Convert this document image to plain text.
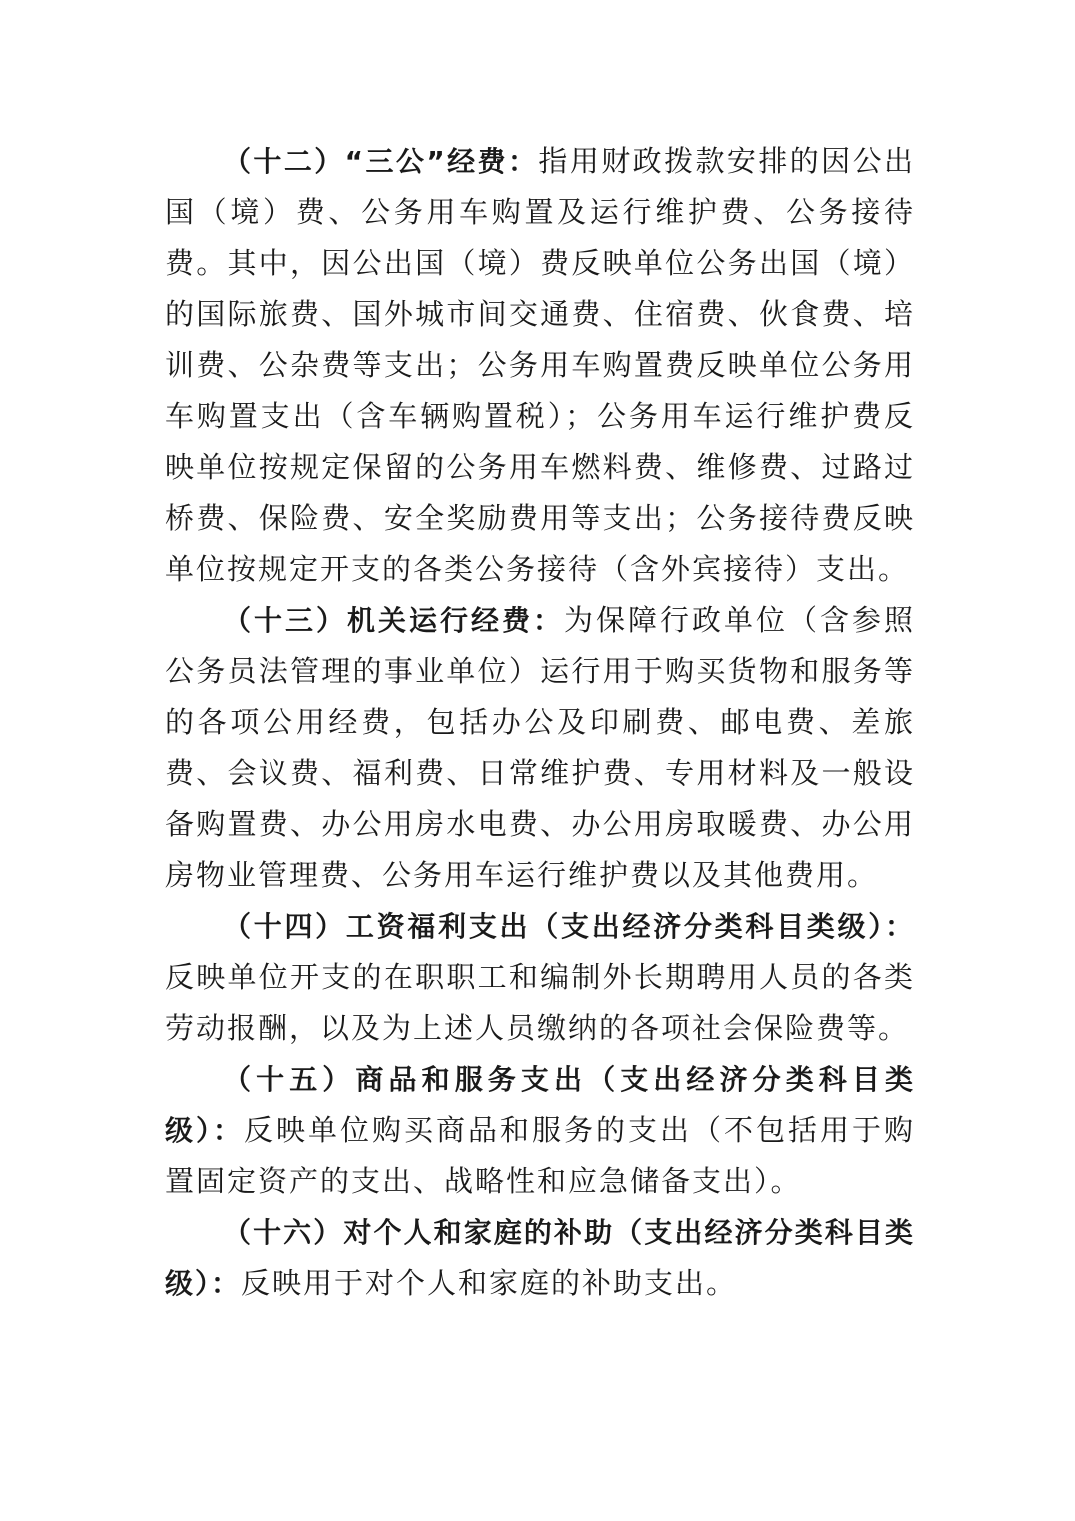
（十二）“三公”经费：指用财政拨款安排的因公出国（境）费、公务用车购置及运行维护费、公务接待费。其中，因公出国（境）费反映单位公务出国（境）的国际旅费、国外城市间交通费、住宿费、伙食费、培训费、公杂费等支出；公务用车购置费反映单位公务用车购置支出（含车辆购置税）；公务用车运行维护费反映单位按规定保留的公务用车燃料费、维修费、过路过桥费、保险费、安全奖励费用等支出；公务接待费反映单位按规定开支的各类公务接待（含外宾接待）支出。

（十三）机关运行经费：为保障行政单位（含参照公务员法管理的事业单位）运行用于购买货物和服务等的各项公用经费，包括办公及印刷费、邮电费、差旅费、会议费、福利费、日常维护费、专用材料及一般设备购置费、办公用房水电费、办公用房取暖费、办公用房物业管理费、公务用车运行维护费以及其他费用。

（十四）工资福利支出（支出经济分类科目类级）：反映单位开支的在职职工和编制外长期聘用人员的各类劳动报酬，以及为上述人员缴纳的各项社会保险费等。

（十五）商品和服务支出（支出经济分类科目类级）：反映单位购买商品和服务的支出（不包括用于购置固定资产的支出、战略性和应急储备支出）。

（十六）对个人和家庭的补助（支出经济分类科目类级）：反映用于对个人和家庭的补助支出。
